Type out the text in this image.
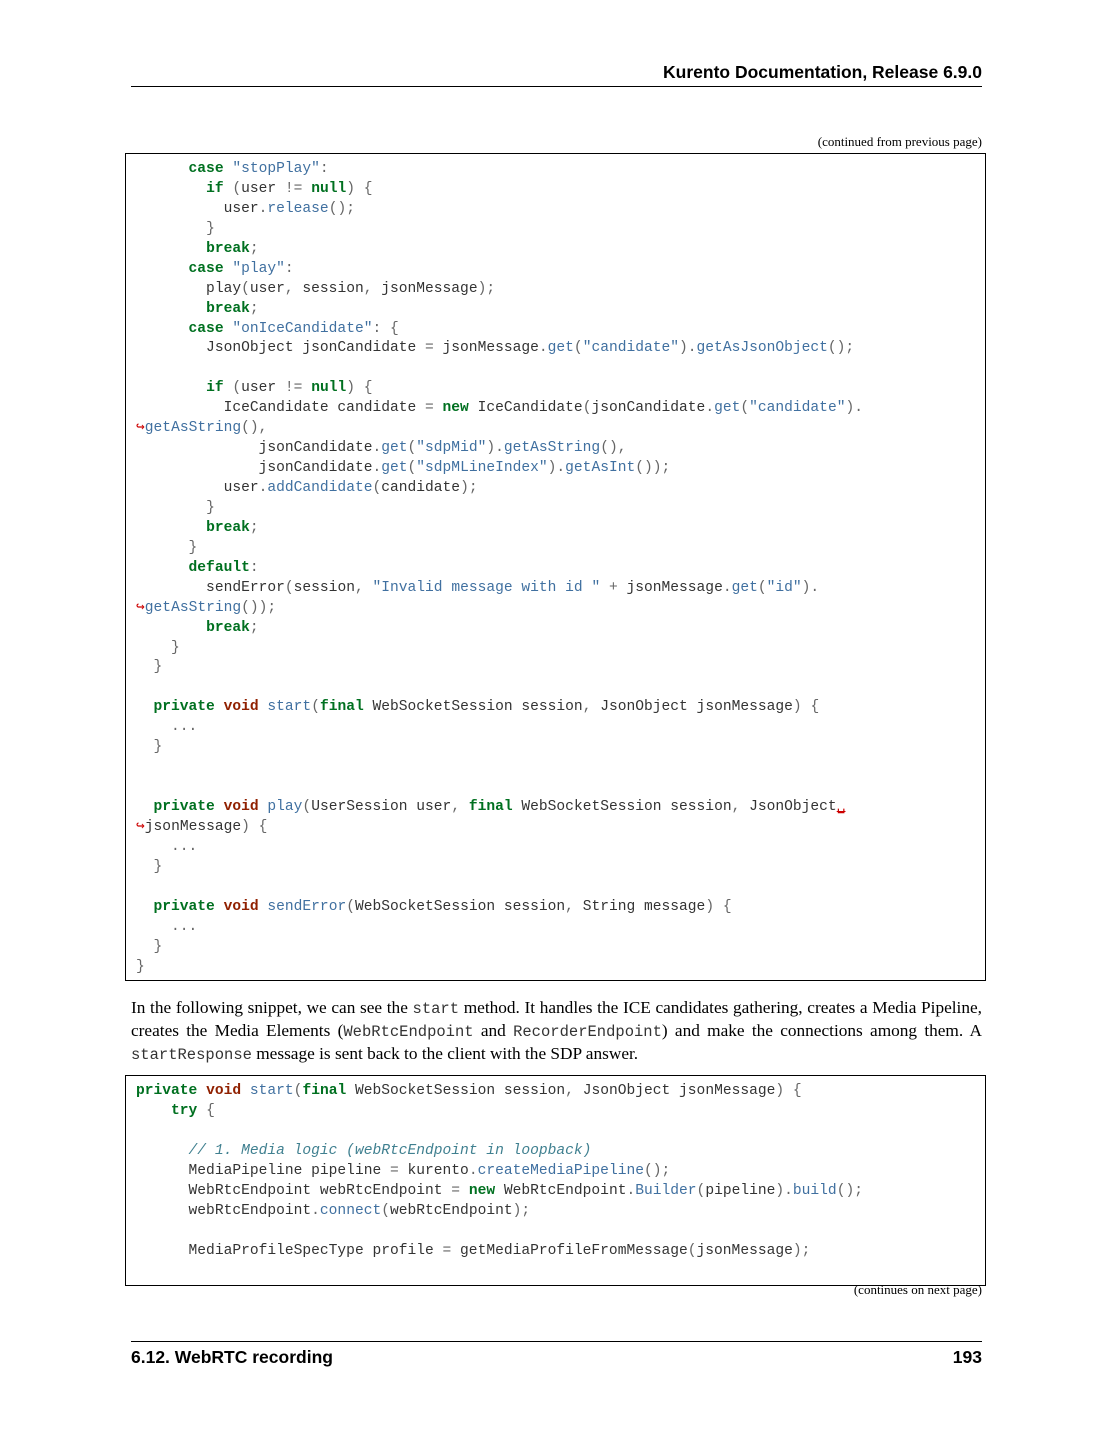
Kurento Documentation, Release 6.9.0
(continued from previous page)
case "stopPlay":
if (user != null) {
user.release();
}
break;
case "play":
play(user, session, jsonMessage);
break;
case "onIceCandidate": {
JsonObject jsonCandidate = jsonMessage.get("candidate").getAsJsonObject();

if (user != null) {
IceCandidate candidate = new IceCandidate(jsonCandidate.get("candidate").
↪getAsString(),
jsonCandidate.get("sdpMid").getAsString(),
jsonCandidate.get("sdpMLineIndex").getAsInt());
user.addCandidate(candidate);
}
break;
}
default:
sendError(session, "Invalid message with id " + jsonMessage.get("id").
↪getAsString());
break;
}
}

private void start(final WebSocketSession session, JsonObject jsonMessage) {
...
}

private void play(UserSession user, final WebSocketSession session, JsonObject␣
↪jsonMessage) {
...
}

private void sendError(WebSocketSession session, String message) {
...
}
}
In the following snippet, we can see the start method. It handles the ICE candidates gathering, creates a Media Pipeline, creates the Media Elements (WebRtcEndpoint and RecorderEndpoint) and make the connections among them. A startResponse message is sent back to the client with the SDP answer.
private void start(final WebSocketSession session, JsonObject jsonMessage) {
try {

// 1. Media logic (webRtcEndpoint in loopback)
MediaPipeline pipeline = kurento.createMediaPipeline();
WebRtcEndpoint webRtcEndpoint = new WebRtcEndpoint.Builder(pipeline).build();
webRtcEndpoint.connect(webRtcEndpoint);

MediaProfileSpecType profile = getMediaProfileFromMessage(jsonMessage);
(continues on next page)
6.12. WebRTC recording	193
